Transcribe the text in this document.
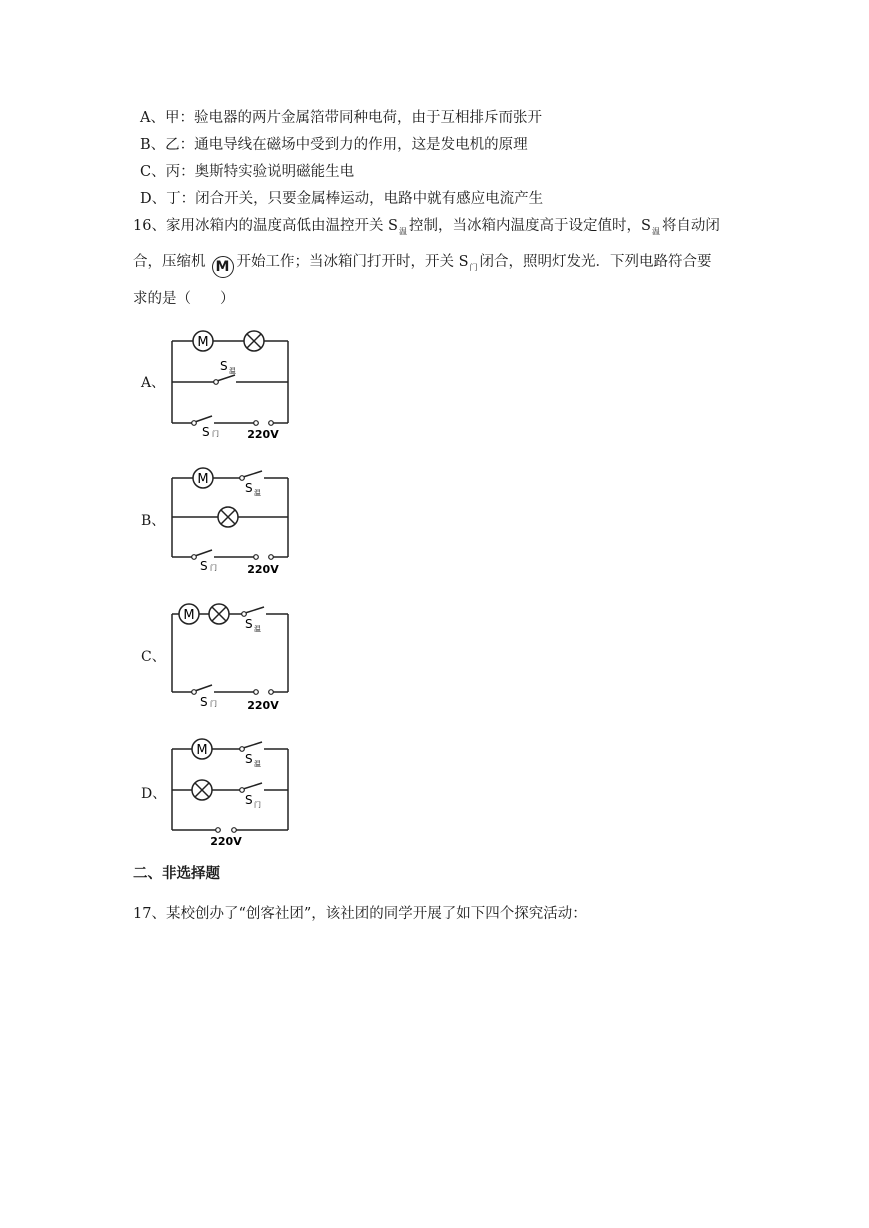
A、甲：验电器的两片金属箔带同种电荷，由于互相排斥而张开
B、乙：通电导线在磁场中受到力的作用，这是发电机的原理
C、丙：奥斯特实验说明磁能生电
D、丁：闭合开关，只要金属棒运动，电路中就有感应电流产生
16、家用冰箱内的温度高低由温控开关 $S_温$ 控制，当冰箱内温度高于设定值时，$S_温$ 将自动闭
合，压缩机 M 开始工作；当冰箱门打开时，开关 $S_门$ 闭合，照明灯发光．下列电路符合要
求的是（　　）
A、
M
S 温
S 门	220V
B、
M
S 温
S 门	220V
C、
M
S 温
S 门	220V
D、
M
S 温
S 门
220V
二、非选择题
17、某校创办了“创客社团”，该社团的同学开展了如下四个探究活动：
